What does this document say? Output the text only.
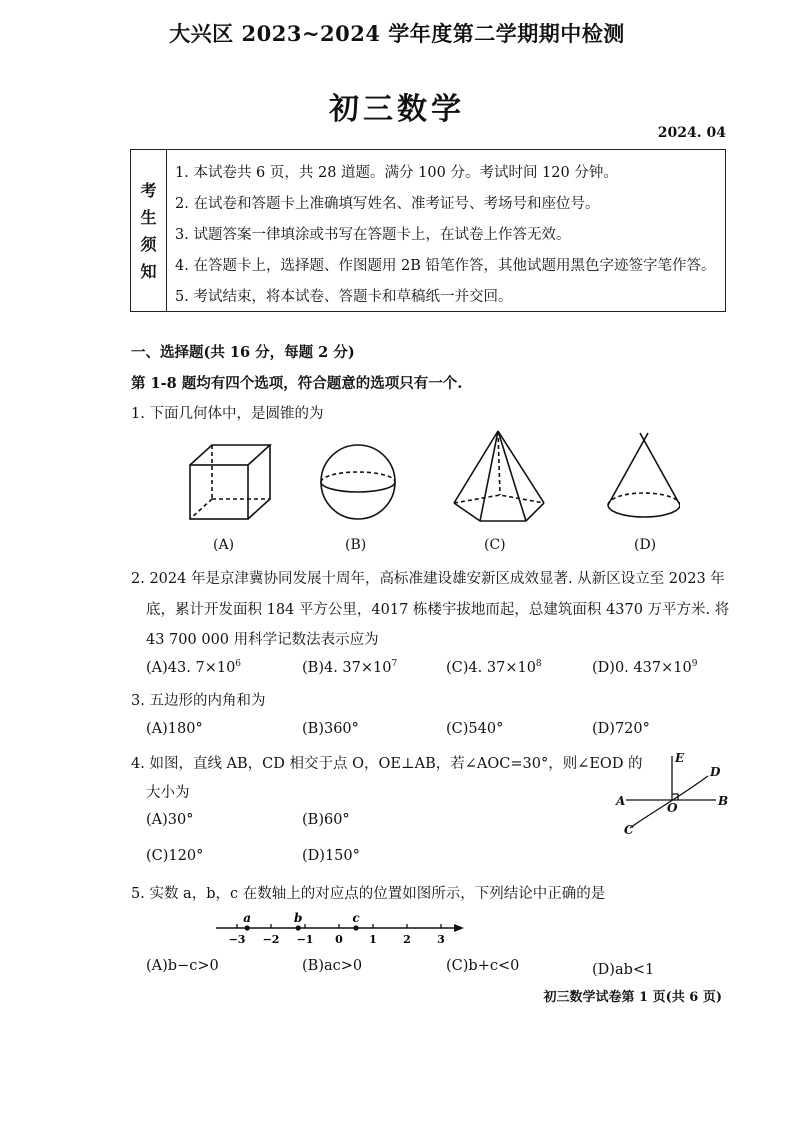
大兴区 2023~2024 学年度第二学期期中检测
初三数学
2024. 04
考
生
须
知
1. 本试卷共 6 页，共 28 道题。满分 100 分。考试时间 120 分钟。
2. 在试卷和答题卡上准确填写姓名、准考证号、考场号和座位号。
3. 试题答案一律填涂或书写在答题卡上，在试卷上作答无效。
4. 在答题卡上，选择题、作图题用 2B 铅笔作答，其他试题用黑色字迹签字笔作答。
5. 考试结束，将本试卷、答题卡和草稿纸一并交回。
一、选择题(共 16 分，每题 2 分)
第 1-8 题均有四个选项，符合题意的选项只有一个.
1. 下面几何体中，是圆锥的为
(A)	(B)	(C)	(D)
2. 2024 年是京津冀协同发展十周年，高标准建设雄安新区成效显著. 从新区设立至 2023 年
底，累计开发面积 184 平方公里，4017 栋楼宇拔地而起，总建筑面积 4370 万平方米. 将
43 700 000 用科学记数法表示应为
(A)43. $7\times 10^6$	(B)4. $37\times 10^7$	(C)4. $37\times 10^8$	(D)0. $437\times 10^9$
3. 五边形的内角和为
(A)180°	(B)360°	(C)540°	(D)720°
4. 如图，直线 AB，CD 相交于点 O，OE⊥AB，若∠AOC=30°，则∠EOD 的
大小为
(A)30°	(B)60°
(C)120°	(D)150°
E
D
A	O	B
C
5. 实数 a，b，c 在数轴上的对应点的位置如图所示，下列结论中正确的是
−3 −2 −1 0 1 2 3
a	b	c
(A)b−c>0	(B)ac>0	(C)b+c<0	(D)ab<1
初三数学试卷第 1 页(共 6 页)
